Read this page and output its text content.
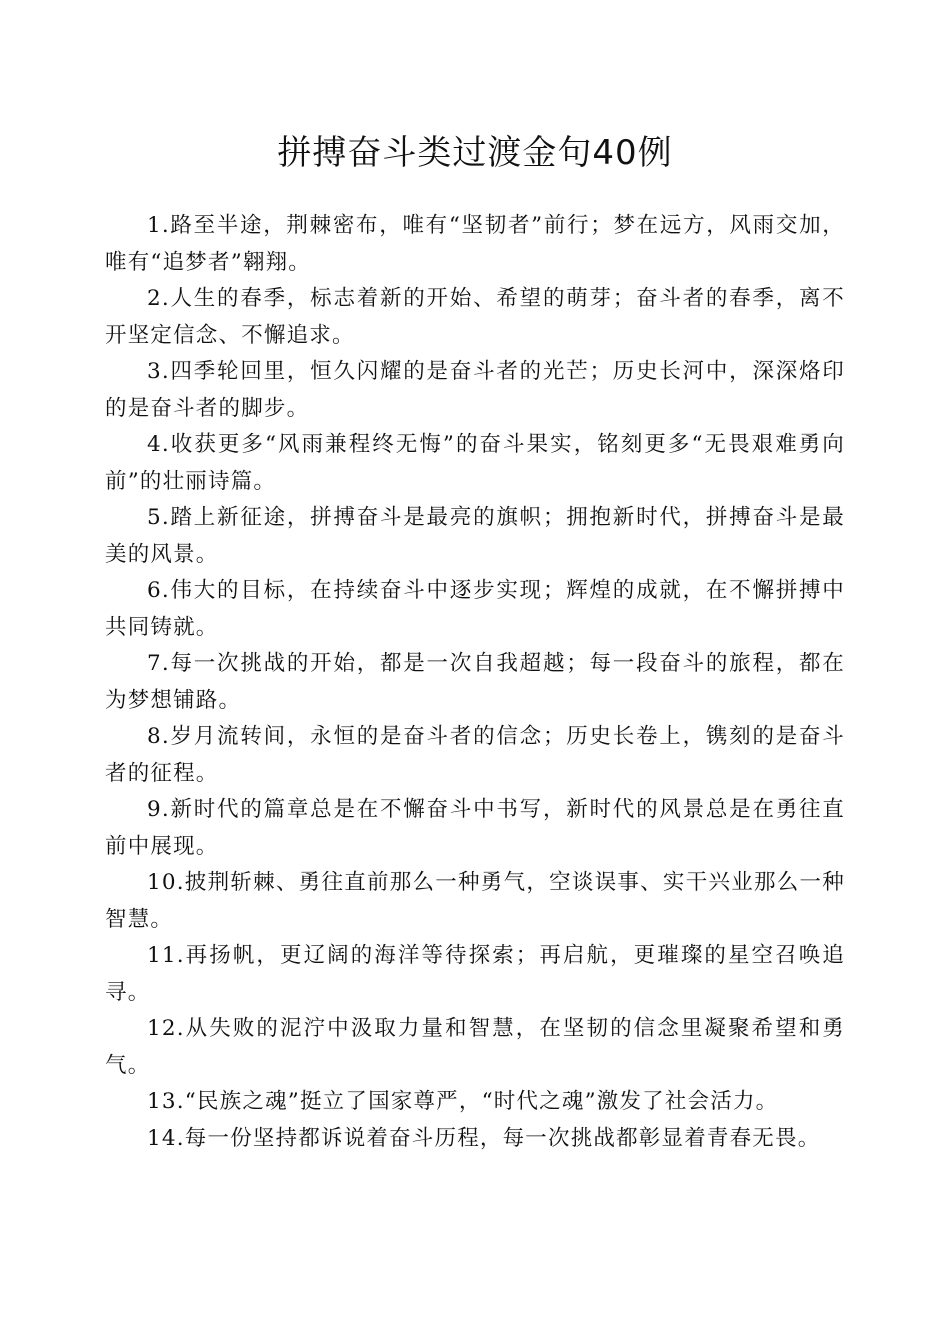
拼搏奋斗类过渡金句40例

1.路至半途，荆棘密布，唯有“坚韧者”前行；梦在远方，风雨交加，唯有“追梦者”翱翔。

2.人生的春季，标志着新的开始、希望的萌芽；奋斗者的春季，离不开坚定信念、不懈追求。

3.四季轮回里，恒久闪耀的是奋斗者的光芒；历史长河中，深深烙印的是奋斗者的脚步。

4.收获更多“风雨兼程终无悔”的奋斗果实，铭刻更多“无畏艰难勇向前”的壮丽诗篇。

5.踏上新征途，拼搏奋斗是最亮的旗帜；拥抱新时代，拼搏奋斗是最美的风景。

6.伟大的目标，在持续奋斗中逐步实现；辉煌的成就，在不懈拼搏中共同铸就。

7.每一次挑战的开始，都是一次自我超越；每一段奋斗的旅程，都在为梦想铺路。

8.岁月流转间，永恒的是奋斗者的信念；历史长卷上，镌刻的是奋斗者的征程。

9.新时代的篇章总是在不懈奋斗中书写，新时代的风景总是在勇往直前中展现。

10.披荆斩棘、勇往直前那么一种勇气，空谈误事、实干兴业那么一种智慧。

11.再扬帆，更辽阔的海洋等待探索；再启航，更璀璨的星空召唤追寻。

12.从失败的泥泞中汲取力量和智慧，在坚韧的信念里凝聚希望和勇气。

13.“民族之魂”挺立了国家尊严，“时代之魂”激发了社会活力。

14.每一份坚持都诉说着奋斗历程，每一次挑战都彰显着青春无畏。
